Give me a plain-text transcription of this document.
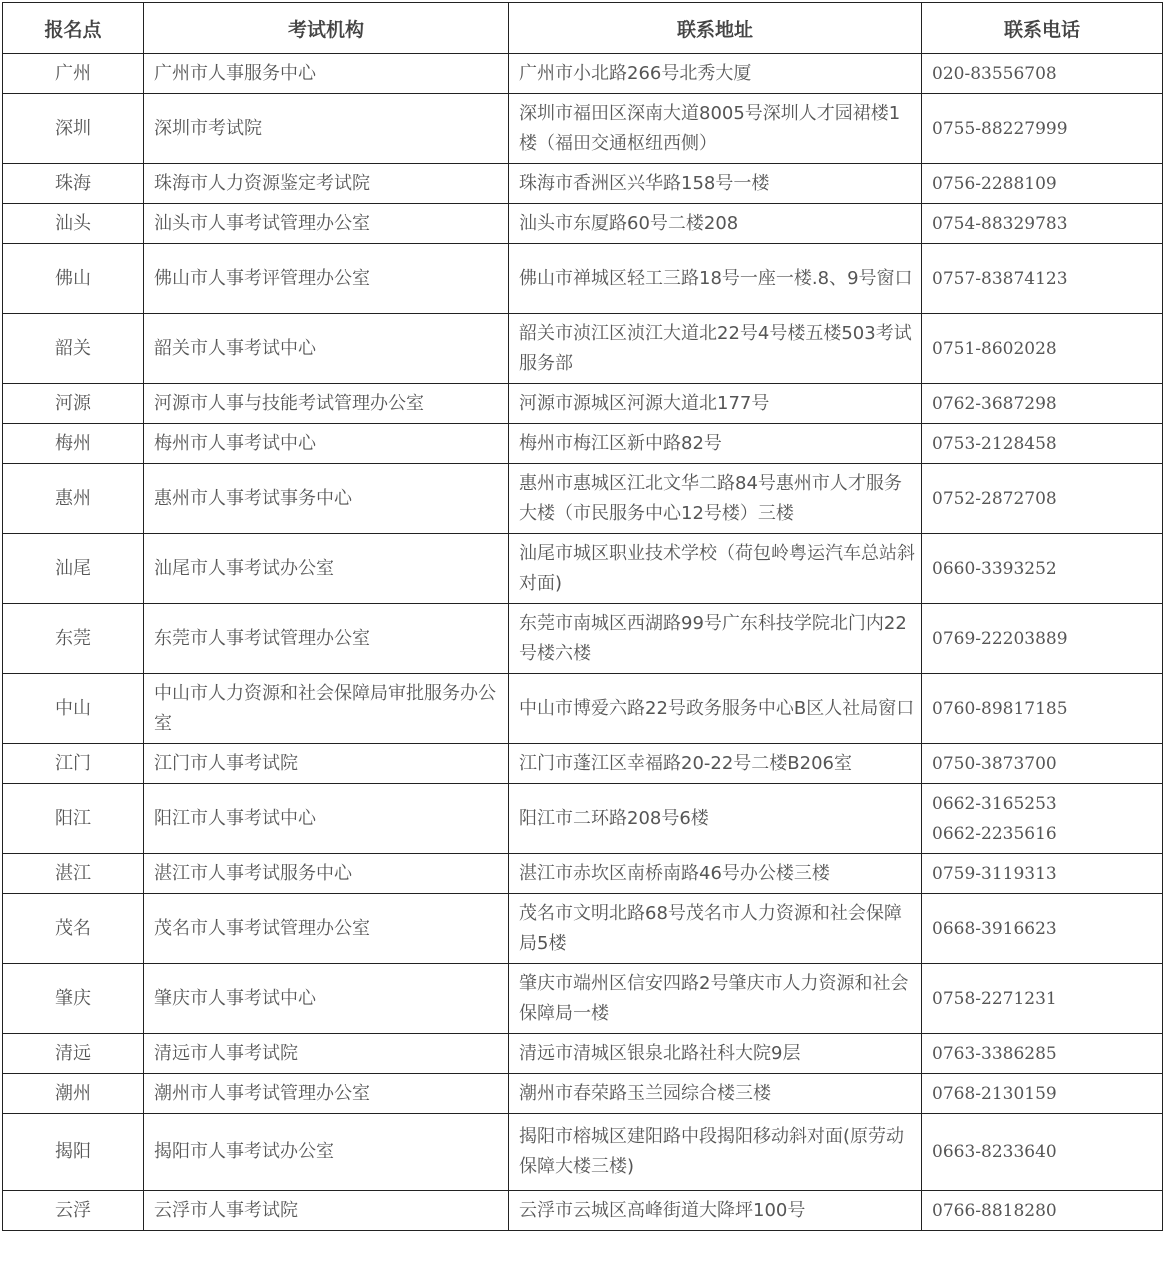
报名点	考试机构	联系地址	联系电话
广州	广州市人事服务中心	广州市小北路266号北秀大厦	020-83556708

深圳	深圳市考试院	深圳市福田区深南大道8005号深圳人才园裙楼1楼（福田交通枢纽西侧）	0755-88227999

珠海	珠海市人力资源鉴定考试院	珠海市香洲区兴华路158号一楼	0756-2288109

汕头	汕头市人事考试管理办公室	汕头市东厦路60号二楼208	0754-88329783

佛山	佛山市人事考评管理办公室	佛山市禅城区轻工三路18号一座一楼.8、9号窗口	0757-83874123

韶关	韶关市人事考试中心	韶关市浈江区浈江大道北22号4号楼五楼503考试服务部	0751-8602028

河源	河源市人事与技能考试管理办公室	河源市源城区河源大道北177号	0762-3687298

梅州	梅州市人事考试中心	梅州市梅江区新中路82号	0753-2128458

惠州	惠州市人事考试事务中心	惠州市惠城区江北文华二路84号惠州市人才服务大楼（市民服务中心12号楼）三楼	0752-2872708

汕尾	汕尾市人事考试办公室	汕尾市城区职业技术学校（荷包岭粤运汽车总站斜对面)	0660-3393252

东莞	东莞市人事考试管理办公室	东莞市南城区西湖路99号广东科技学院北门内22号楼六楼	0769-22203889

中山	中山市人力资源和社会保障局审批服务办公室	中山市博爱六路22号政务服务中心B区人社局窗口	0760-89817185

江门	江门市人事考试院	江门市蓬江区幸福路20-22号二楼B206室	0750-3873700

阳江	阳江市人事考试中心	阳江市二环路208号6楼	0662-3165253
0662-2235616

湛江	湛江市人事考试服务中心	湛江市赤坎区南桥南路46号办公楼三楼	0759-3119313

茂名	茂名市人事考试管理办公室	茂名市文明北路68号茂名市人力资源和社会保障局5楼	0668-3916623

肇庆	肇庆市人事考试中心	肇庆市端州区信安四路2号肇庆市人力资源和社会保障局一楼	0758-2271231

清远	清远市人事考试院	清远市清城区银泉北路社科大院9层	0763-3386285

潮州	潮州市人事考试管理办公室	潮州市春荣路玉兰园综合楼三楼	0768-2130159

揭阳	揭阳市人事考试办公室	揭阳市榕城区建阳路中段揭阳移动斜对面(原劳动保障大楼三楼)	0663-8233640

云浮	云浮市人事考试院	云浮市云城区高峰街道大降坪100号	0766-8818280
